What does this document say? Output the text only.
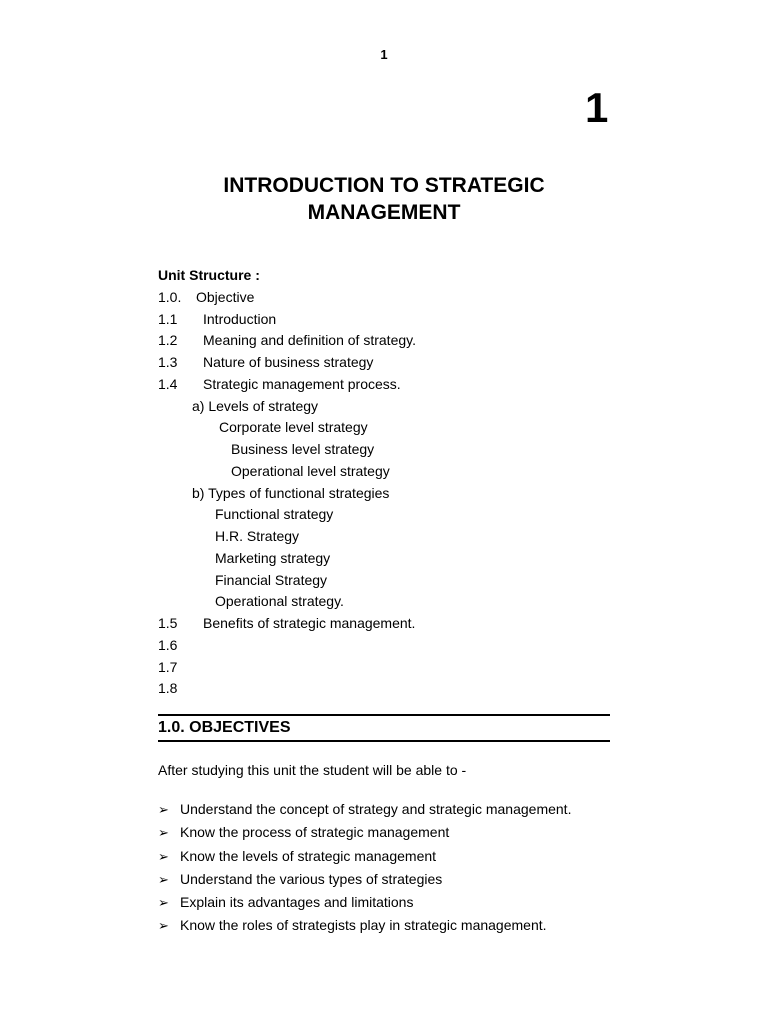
1
1
INTRODUCTION TO STRATEGIC
MANAGEMENT
Unit Structure :
1.0. Objective
1.1 Introduction
1.2 Meaning and definition of strategy.
1.3 Nature of business strategy
1.4 Strategic management process.
a) Levels of strategy
Corporate level strategy
Business level strategy
Operational level strategy
b) Types of functional strategies
Functional strategy
H.R. Strategy
Marketing strategy
Financial Strategy
Operational strategy.
1.5 Benefits of strategic management.
1.6
1.7
1.8
1.0. OBJECTIVES
After studying this unit the student will be able to -
➢ Understand the concept of strategy and strategic management.
➢ Know the process of strategic management
➢ Know the levels of strategic management
➢ Understand the various types of strategies
➢ Explain its advantages and limitations
➢ Know the roles of strategists play in strategic management.
